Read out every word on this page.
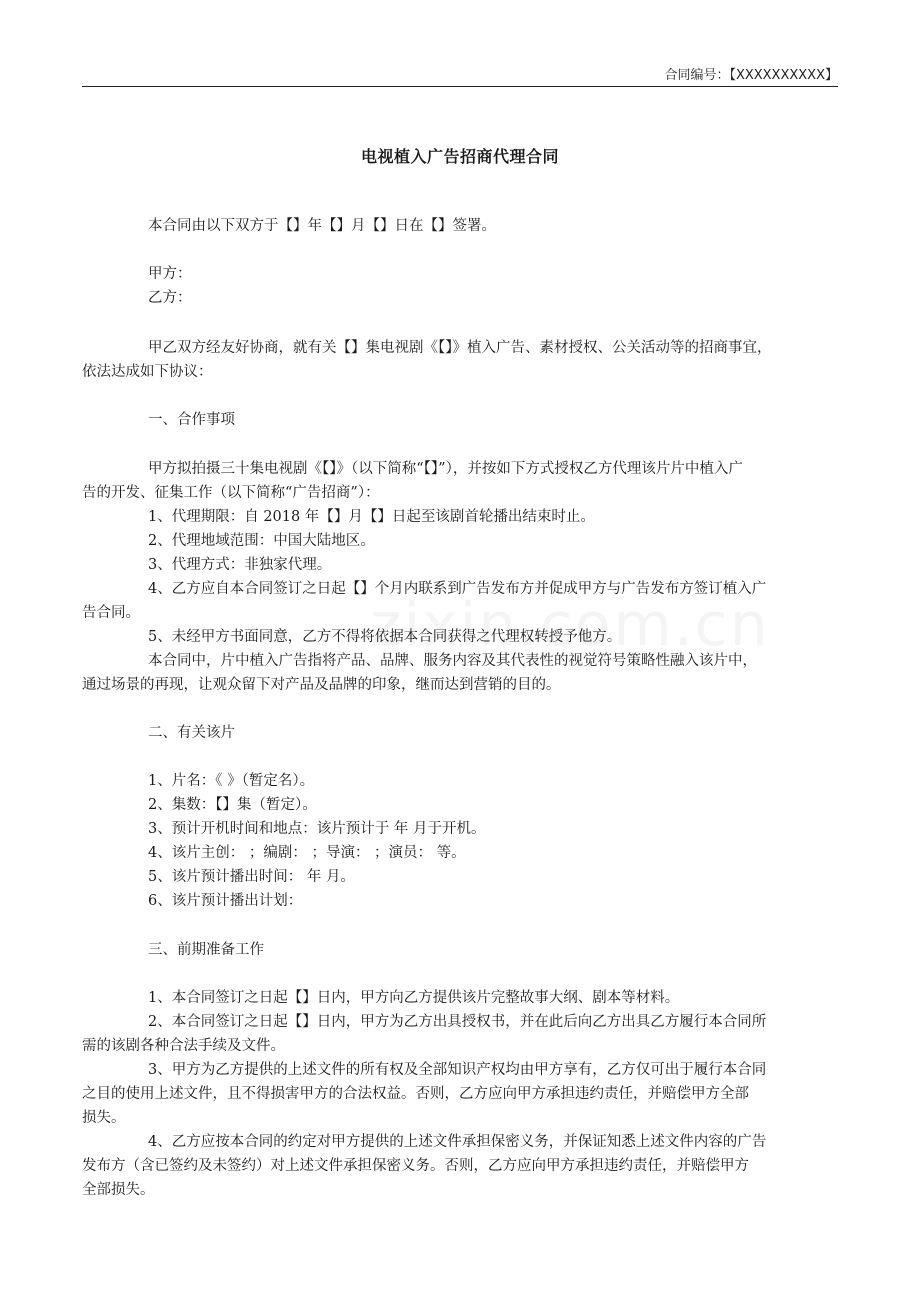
合同编号：【XXXXXXXXXX】
电视植入广告招商代理合同
本合同由以下双方于【】年【】月【】日在【】签署。
甲方：
乙方：
甲乙双方经友好协商，就有关【】集电视剧《【】》植入广告、素材授权、公关活动等的招商事宜，
依法达成如下协议：
一、合作事项
甲方拟拍摄三十集电视剧《【】》（以下简称“【】”），并按如下方式授权乙方代理该片片中植入广
告的开发、征集工作（以下简称“广告招商”）：
1、代理期限：自 2018 年【】月【】日起至该剧首轮播出结束时止。
2、代理地域范围：中国大陆地区。
3、代理方式：非独家代理。
4、乙方应自本合同签订之日起【】个月内联系到广告发布方并促成甲方与广告发布方签订植入广
告合同。
5、未经甲方书面同意，乙方不得将依据本合同获得之代理权转授予他方。
本合同中，片中植入广告指将产品、品牌、服务内容及其代表性的视觉符号策略性融入该片中，
通过场景的再现，让观众留下对产品及品牌的印象，继而达到营销的目的。
二、有关该片
1、片名：《 》（暂定名）。
2、集数：【】集（暂定）。
3、预计开机时间和地点：该片预计于 年 月于开机。
4、该片主创： ；编剧： ；导演： ；演员： 等。
5、该片预计播出时间： 年 月。
6、该片预计播出计划：
三、前期准备工作
1、本合同签订之日起【】日内，甲方向乙方提供该片完整故事大纲、剧本等材料。
2、本合同签订之日起【】日内，甲方为乙方出具授权书，并在此后向乙方出具乙方履行本合同所
需的该剧各种合法手续及文件。
3、甲方为乙方提供的上述文件的所有权及全部知识产权均由甲方享有，乙方仅可出于履行本合同
之目的使用上述文件，且不得损害甲方的合法权益。否则，乙方应向甲方承担违约责任，并赔偿甲方全部
损失。
4、乙方应按本合同的约定对甲方提供的上述文件承担保密义务，并保证知悉上述文件内容的广告
发布方（含已签约及未签约）对上述文件承担保密义务。否则，乙方应向甲方承担违约责任，并赔偿甲方
全部损失。
